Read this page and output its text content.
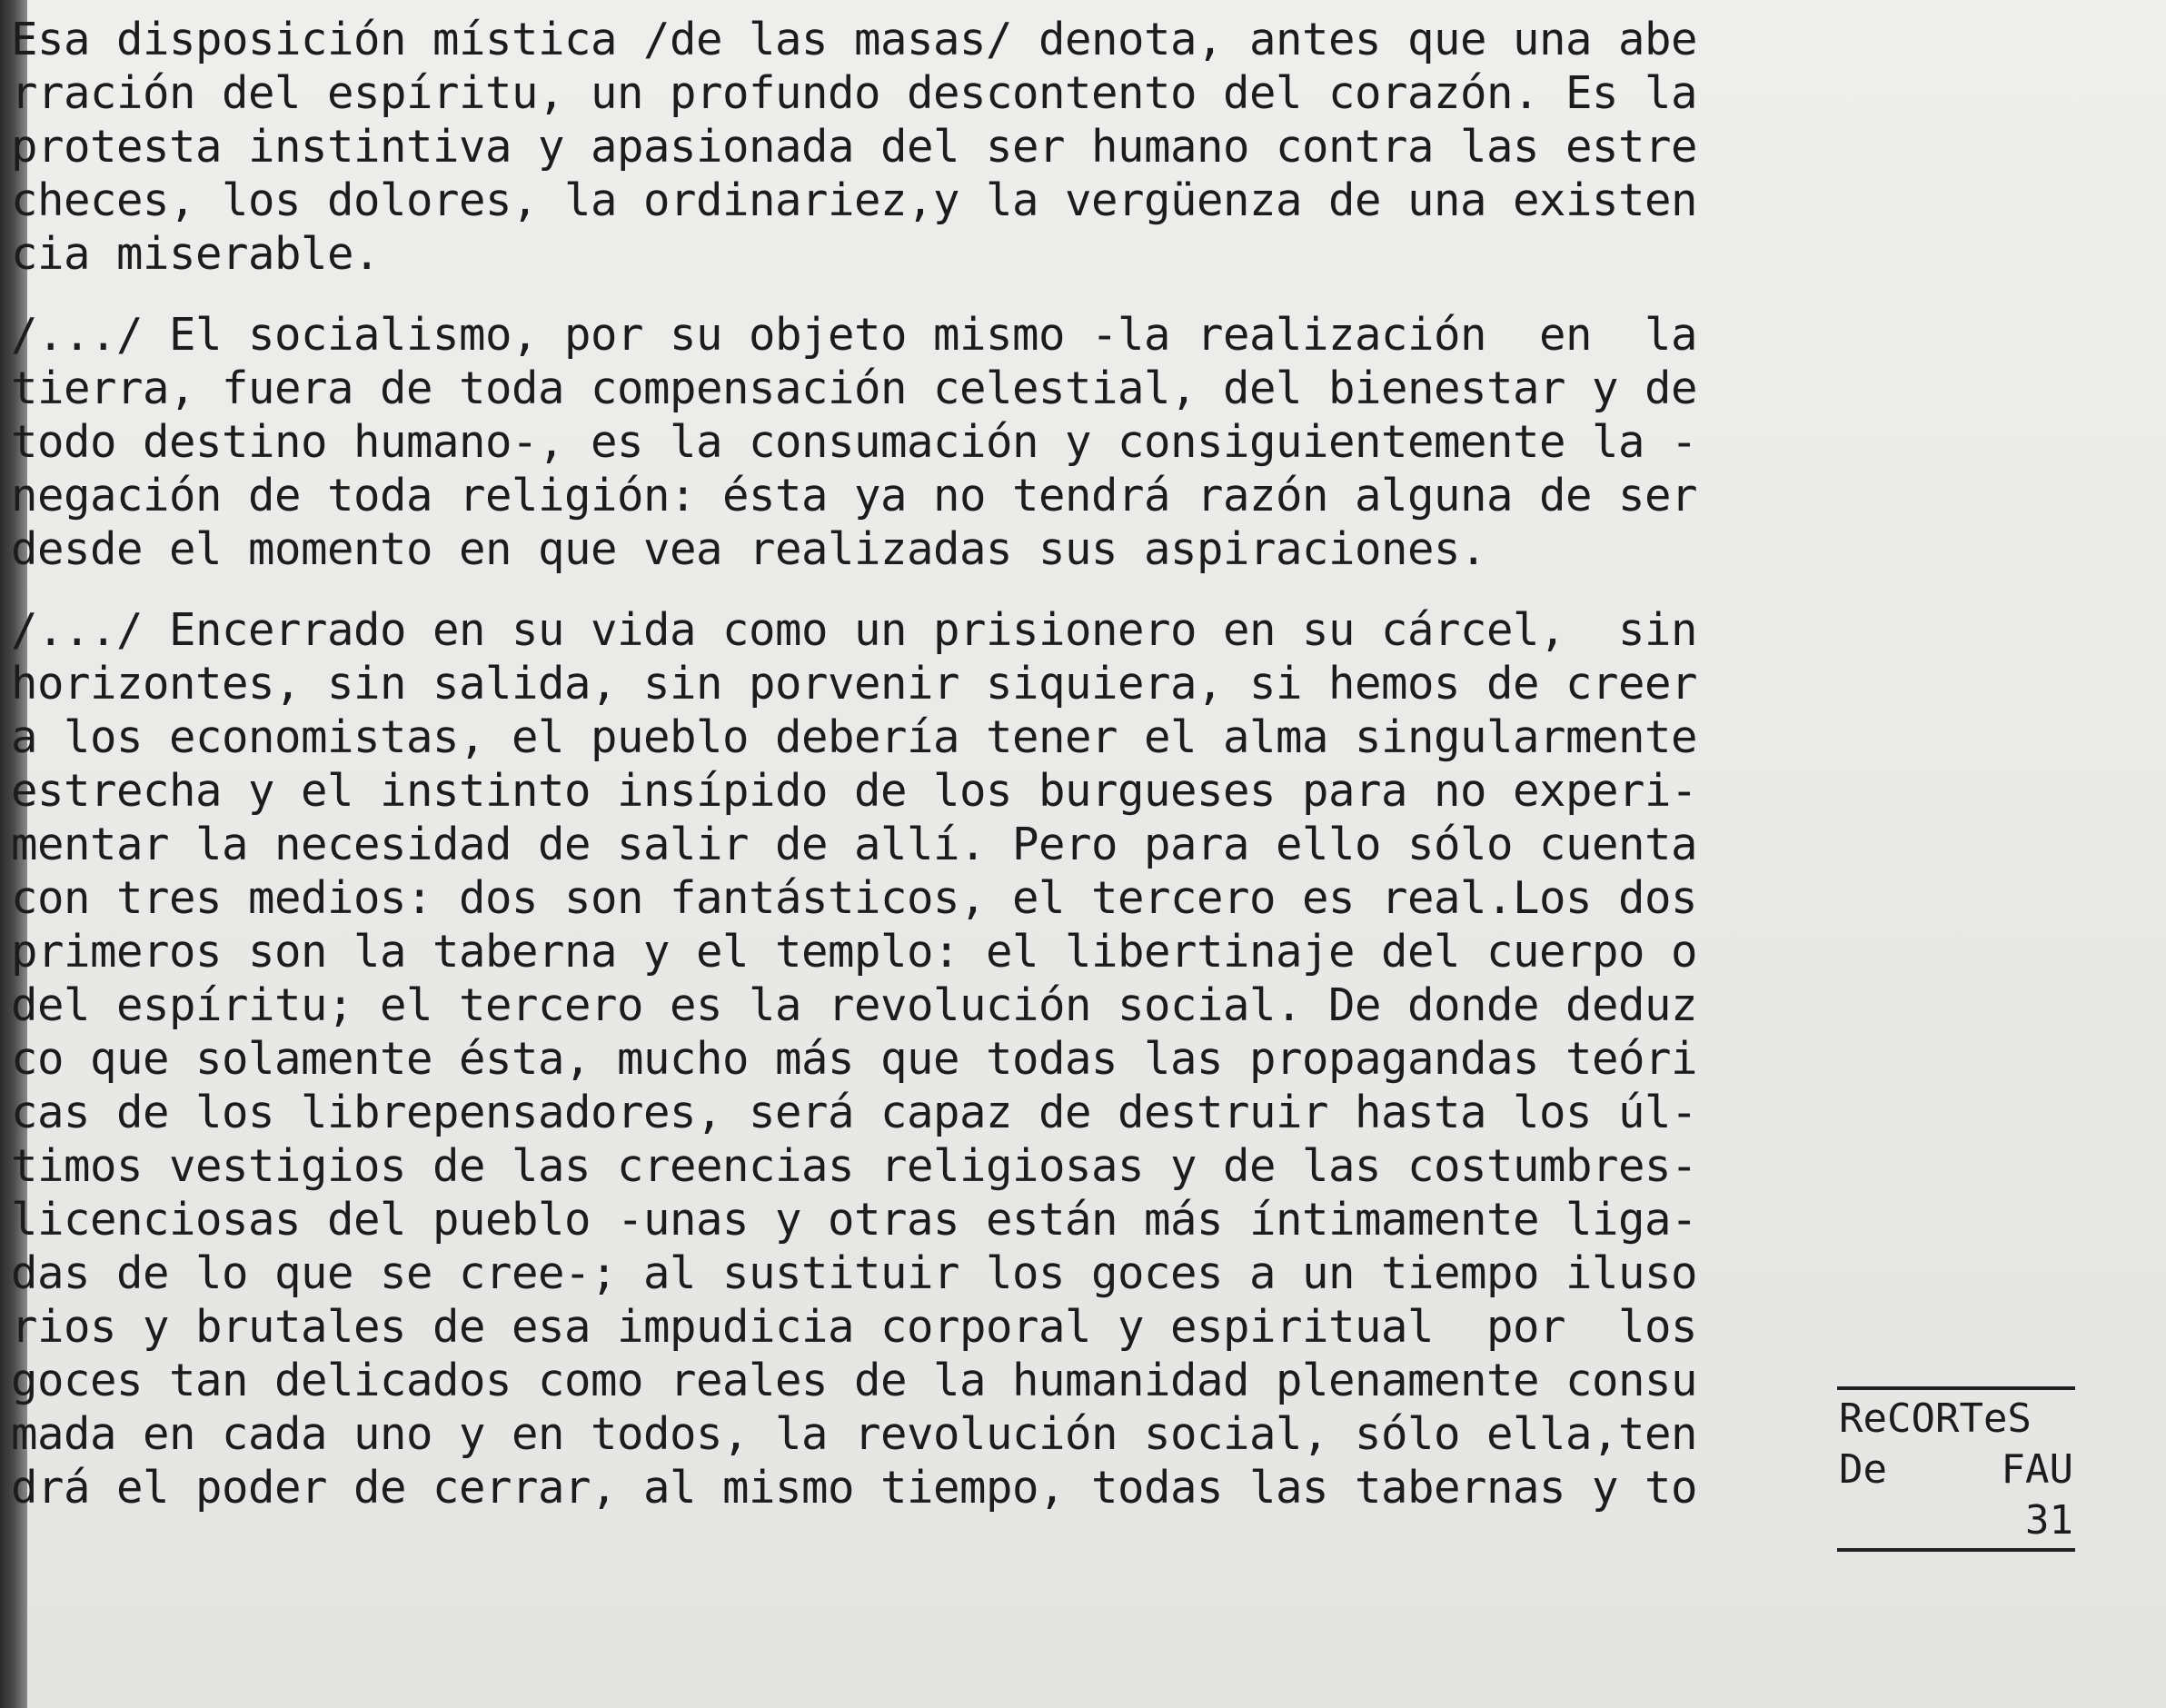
Esa disposición mística /de las masas/ denota, antes que una abe
rración del espíritu, un profundo descontento del corazón. Es la
protesta instintiva y apasionada del ser humano contra las estre
checes, los dolores, la ordinariez,y la vergüenza de una existen
cia miserable.
/.../ El socialismo, por su objeto mismo -la realización  en  la
tierra, fuera de toda compensación celestial, del bienestar y de
todo destino humano-, es la consumación y consiguientemente la -
negación de toda religión: ésta ya no tendrá razón alguna de ser
desde el momento en que vea realizadas sus aspiraciones.
/.../ Encerrado en su vida como un prisionero en su cárcel,  sin
horizontes, sin salida, sin porvenir siquiera, si hemos de creer
a los economistas, el pueblo debería tener el alma singularmente
estrecha y el instinto insípido de los burgueses para no experi-
mentar la necesidad de salir de allí. Pero para ello sólo cuenta
con tres medios: dos son fantásticos, el tercero es real.Los dos
primeros son la taberna y el templo: el libertinaje del cuerpo o
del espíritu; el tercero es la revolución social. De donde deduz
co que solamente ésta, mucho más que todas las propagandas teóri
cas de los librepensadores, será capaz de destruir hasta los úl-
timos vestigios de las creencias religiosas y de las costumbres-
licenciosas del pueblo -unas y otras están más íntimamente liga-
das de lo que se cree-; al sustituir los goces a un tiempo iluso
rios y brutales de esa impudicia corporal y espiritual  por  los
goces tan delicados como reales de la humanidad plenamente consu
mada en cada uno y en todos, la revolución social, sólo ella,ten
drá el poder de cerrar, al mismo tiempo, todas las tabernas y to
ReCORTeS
De	FAU
31
